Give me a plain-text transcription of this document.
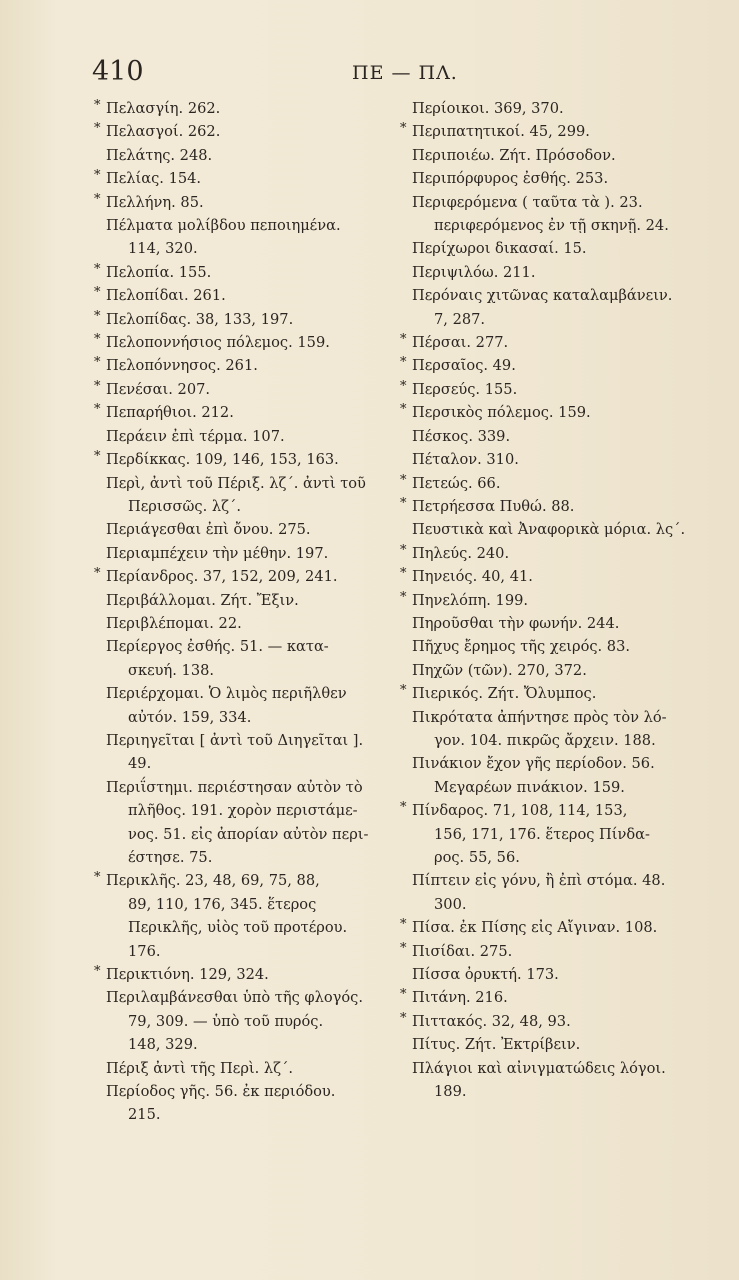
410	ΠΕ — ΠΛ.
* Πελασγίη. 262.
* Πελασγοί. 262.
Πελάτης. 248.
* Πελίας. 154.
* Πελλήνη. 85.
Πέλματα μολίβδου πεποιημένα.
114, 320.
* Πελοπία. 155.
* Πελοπίδαι. 261.
* Πελοπίδας. 38, 133, 197.
* Πελοποννήσιος πόλεμος. 159.
* Πελοπόννησος. 261.
* Πενέσαι. 207.
* Πεπαρήθιοι. 212.
Περάειν ἐπὶ τέρμα. 107.
* Περδίκκας. 109, 146, 153, 163.
Περὶ, ἀντὶ τοῦ Πέριξ. λζ΄. ἀντὶ τοῦ
Περισσῶς. λζ΄.
Περιάγεσθαι ἐπὶ ὄνου. 275.
Περιαμπέχειν τὴν μέθην. 197.
* Περίανδρος. 37, 152, 209, 241.
Περιβάλλομαι. Ζήτ. Ἔξιν.
Περιβλέπομαι. 22.
Περίεργος ἐσθής. 51. — κατα-
σκευή. 138.
Περιέρχομαι. Ὁ λιμὸς περιῆλθεν
αὐτόν. 159, 334.
Περιηγεῖται [ ἀντὶ τοῦ Διηγεῖται ].
49.
Περιΐστημι. περιέστησαν αὐτὸν τὸ
πλῆθος. 191. χορὸν περιστάμε-
νος. 51. εἰς ἀπορίαν αὐτὸν περι-
έστησε. 75.
* Περικλῆς. 23, 48, 69, 75, 88,
89, 110, 176, 345. ἕτερος
Περικλῆς, υἱὸς τοῦ προτέρου.
176.
* Περικτιόνη. 129, 324.
Περιλαμβάνεσθαι ὑπὸ τῆς φλογός.
79, 309. — ὑπὸ τοῦ πυρός.
148, 329.
Πέριξ ἀντὶ τῆς Περὶ. λζ΄.
Περίοδος γῆς. 56. ἐκ περιόδου.
215.
Περίοικοι. 369, 370.
* Περιπατητικοί. 45, 299.
Περιποιέω. Ζήτ. Πρόσοδον.
Περιπόρφυρος ἐσθής. 253.
Περιφερόμενα ( ταῦτα τὰ ). 23.
περιφερόμενος ἐν τῇ σκηνῇ. 24.
Περίχωροι δικασαί. 15.
Περιψιλόω. 211.
Περόναις χιτῶνας καταλαμβάνειν.
7, 287.
* Πέρσαι. 277.
* Περσαῖος. 49.
* Περσεύς. 155.
* Περσικὸς πόλεμος. 159.
Πέσκος. 339.
Πέταλον. 310.
* Πετεώς. 66.
* Πετρήεσσα Πυθώ. 88.
Πευστικὰ καὶ Ἀναφορικὰ μόρια. λς΄.
* Πηλεύς. 240.
* Πηνειός. 40, 41.
* Πηνελόπη. 199.
Πηροῦσθαι τὴν φωνήν. 244.
Πῆχυς ἔρημος τῆς χειρός. 83.
Πηχῶν (τῶν). 270, 372.
* Πιερικός. Ζήτ. Ὄλυμπος.
Πικρότατα ἀπήντησε πρὸς τὸν λό-
γον. 104. πικρῶς ἄρχειν. 188.
Πινάκιον ἔχον γῆς περίοδον. 56.
Μεγαρέων πινάκιον. 159.
* Πίνδαρος. 71, 108, 114, 153,
156, 171, 176. ἕτερος Πίνδα-
ρος. 55, 56.
Πίπτειν εἰς γόνυ, ἢ ἐπὶ στόμα. 48.
300.
* Πίσα. ἐκ Πίσης εἰς Αἴγιναν. 108.
* Πισίδαι. 275.
Πίσσα ὀρυκτή. 173.
* Πιτάνη. 216.
* Πιττακός. 32, 48, 93.
Πίτυς. Ζήτ. Ἐκτρίβειν.
Πλάγιοι καὶ αἰνιγματώδεις λόγοι.
189.
